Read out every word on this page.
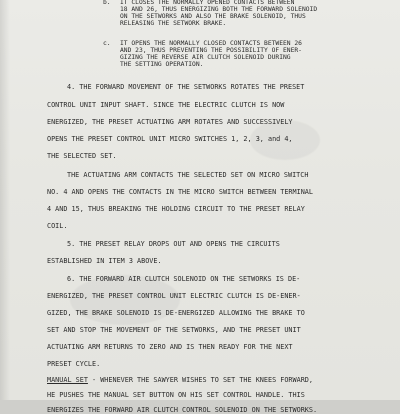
b. IT CLOSES THE NORMALLY OPENED CONTACTS BETWEEN
18 AND 26, THUS ENERGIZING BOTH THE FORWARD SOLENOID
ON THE SETWORKS AND ALSO THE BRAKE SOLENOID, THUS
RELEASING THE SETWORK BRAKE.
c. IT OPENS THE NORMALLY CLOSED CONTACTS BETWEEN 26
AND 23, THUS PREVENTING THE POSSIBILITY OF ENER-
GIZING THE REVERSE AIR CLUTCH SOLENOID DURING
THE SETTING OPERATION.
4. THE FORWARD MOVEMENT OF THE SETWORKS ROTATES THE PRESET
CONTROL UNIT INPUT SHAFT. SINCE THE ELECTRIC CLUTCH IS NOW
ENERGIZED, THE PRESET ACTUATING ARM ROTATES AND SUCCESSIVELY
OPENS THE PRESET CONTROL UNIT MICRO SWITCHES 1, 2, 3, and 4,
THE SELECTED SET.
THE ACTUATING ARM CONTACTS THE SELECTED SET ON MICRO SWITCH
NO. 4 AND OPENS THE CONTACTS IN THE MICRO SWITCH BETWEEN TERMINAL
4 AND 15, THUS BREAKING THE HOLDING CIRCUIT TO THE PRESET RELAY
COIL.
5. THE PRESET RELAY DROPS OUT AND OPENS THE CIRCUITS
ESTABLISHED IN ITEM 3 ABOVE.
6. THE FORWARD AIR CLUTCH SOLENOID ON THE SETWORKS IS DE-
ENERGIZED, THE PRESET CONTROL UNIT ELECTRIC CLUTCH IS DE-ENER-
GIZED, THE BRAKE SOLENOID IS DE-ENERGIZED ALLOWING THE BRAKE TO
SET AND STOP THE MOVEMENT OF THE SETWORKS, AND THE PRESET UNIT
ACTUATING ARM RETURNS TO ZERO AND IS THEN READY FOR THE NEXT
PRESET CYCLE.
MANUAL SET - WHENEVER THE SAWYER WISHES TO SET THE KNEES FORWARD,
HE PUSHES THE MANUAL SET BUTTON ON HIS SET CONTROL HANDLE. THIS
ENERGIZES THE FORWARD AIR CLUTCH CONTROL SOLENOID ON THE SETWORKS.
